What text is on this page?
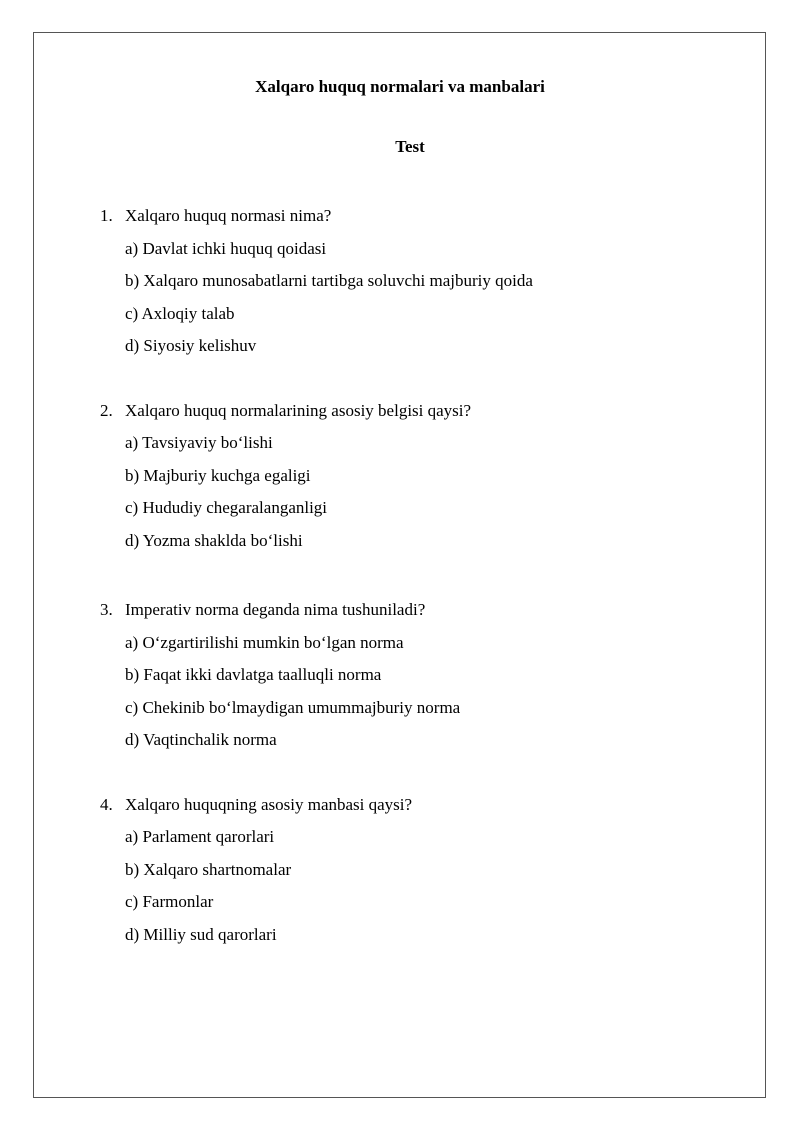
Xalqaro huquq normalari va manbalari
Test
1. Xalqaro huquq normasi nima?
a) Davlat ichki huquq qoidasi
b) Xalqaro munosabatlarni tartibga soluvchi majburiy qoida
c) Axloqiy talab
d) Siyosiy kelishuv
2. Xalqaro huquq normalarining asosiy belgisi qaysi?
a) Tavsiyaviy bo‘lishi
b) Majburiy kuchga egaligi
c) Hududiy chegaralanganligi
d) Yozma shaklda bo‘lishi
3. Imperativ norma deganda nima tushuniladi?
a) O‘zgartirilishi mumkin bo‘lgan norma
b) Faqat ikki davlatga taalluqli norma
c) Chekinib bo‘lmaydigan umummajburiy norma
d) Vaqtinchalik norma
4. Xalqaro huquqning asosiy manbasi qaysi?
a) Parlament qarorlari
b) Xalqaro shartnomalar
c) Farmonlar
d) Milliy sud qarorlari
